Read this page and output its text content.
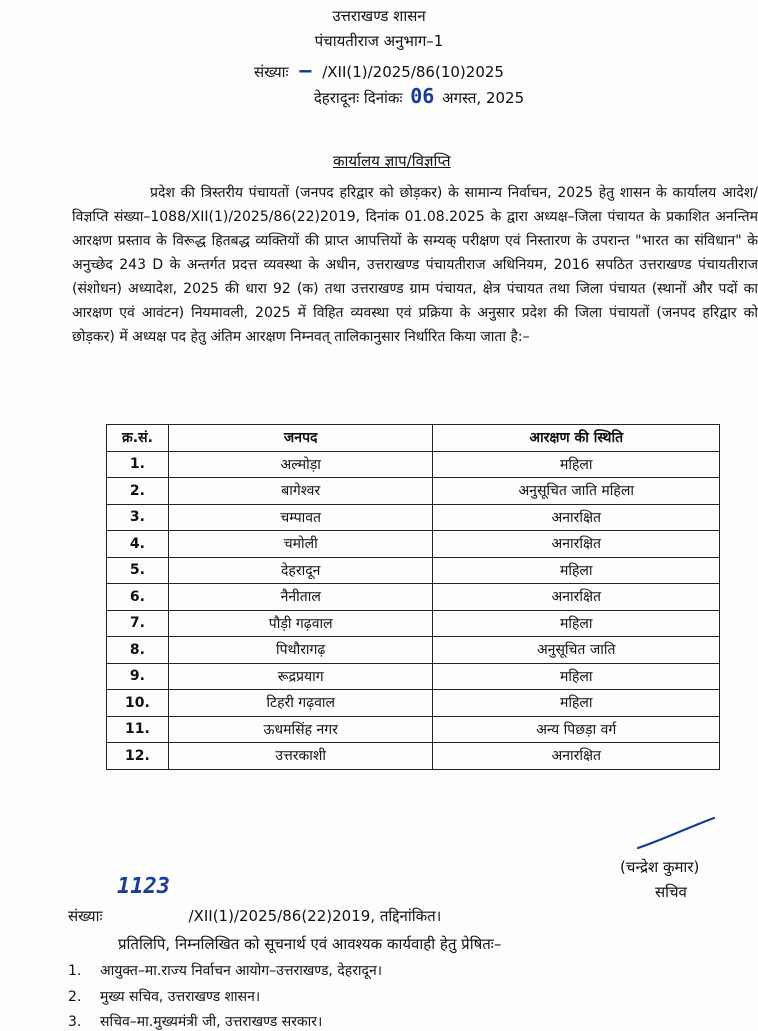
उत्तराखण्ड शासन
पंचायतीराज अनुभाग–1
संख्याः — /XII(1)/2025/86(10)2025
देहरादूनः दिनांकः 06 अगस्त, 2025
कार्यालय ज्ञाप/विज्ञप्ति
प्रदेश की त्रिस्तरीय पंचायतों (जनपद हरिद्वार को छोड़कर) के सामान्य निर्वाचन, 2025 हेतु शासन के कार्यालय आदेश/विज्ञप्ति संख्या–1088/XII(1)/2025/86(22)2019, दिनांक 01.08.2025 के द्वारा अध्यक्ष–जिला पंचायत के प्रकाशित अनन्तिम आरक्षण प्रस्ताव के विरूद्ध हितबद्ध व्यक्तियों की प्राप्त आपत्तियों के सम्यक् परीक्षण एवं निस्तारण के उपरान्त "भारत का संविधान" के अनुच्छेद 243 D के अन्तर्गत प्रदत्त व्यवस्था के अधीन, उत्तराखण्ड पंचायतीराज अधिनियम, 2016 सपठित उत्तराखण्ड पंचायतीराज (संशोधन) अध्यादेश, 2025 की धारा 92 (क) तथा उत्तराखण्ड ग्राम पंचायत, क्षेत्र पंचायत तथा जिला पंचायत (स्थानों और पदों का आरक्षण एवं आवंटन) नियमावली, 2025 में विहित व्यवस्था एवं प्रक्रिया के अनुसार प्रदेश की जिला पंचायतों (जनपद हरिद्वार को छोड़कर) में अध्यक्ष पद हेतु अंतिम आरक्षण निम्नवत् तालिकानुसार निर्धारित किया जाता है:–
क्र.सं.	जनपद	आरक्षण की स्थिति
1.	अल्मोड़ा	महिला
2.	बागेश्वर	अनुसूचित जाति महिला
3.	चम्पावत	अनारक्षित
4.	चमोली	अनारक्षित
5.	देहरादून	महिला
6.	नैनीताल	अनारक्षित
7.	पौड़ी गढ़वाल	महिला
8.	पिथौरागढ़	अनुसूचित जाति
9.	रूद्रप्रयाग	महिला
10.	टिहरी गढ़वाल	महिला
11.	ऊधमसिंह नगर	अन्य पिछड़ा वर्ग
12.	उत्तरकाशी	अनारक्षित
(चन्द्रेश कुमार)
सचिव
1123
संख्याः	/XII(1)/2025/86(22)2019, तद्दिनांकित।
प्रतिलिपि, निम्नलिखित को सूचनार्थ एवं आवश्यक कार्यवाही हेतु प्रेषितः–
1. आयुक्त–मा.राज्य निर्वाचन आयोग–उत्तराखण्ड, देहरादून।
2. मुख्य सचिव, उत्तराखण्ड शासन।
3. सचिव–मा.मुख्यमंत्री जी, उत्तराखण्ड सरकार।
